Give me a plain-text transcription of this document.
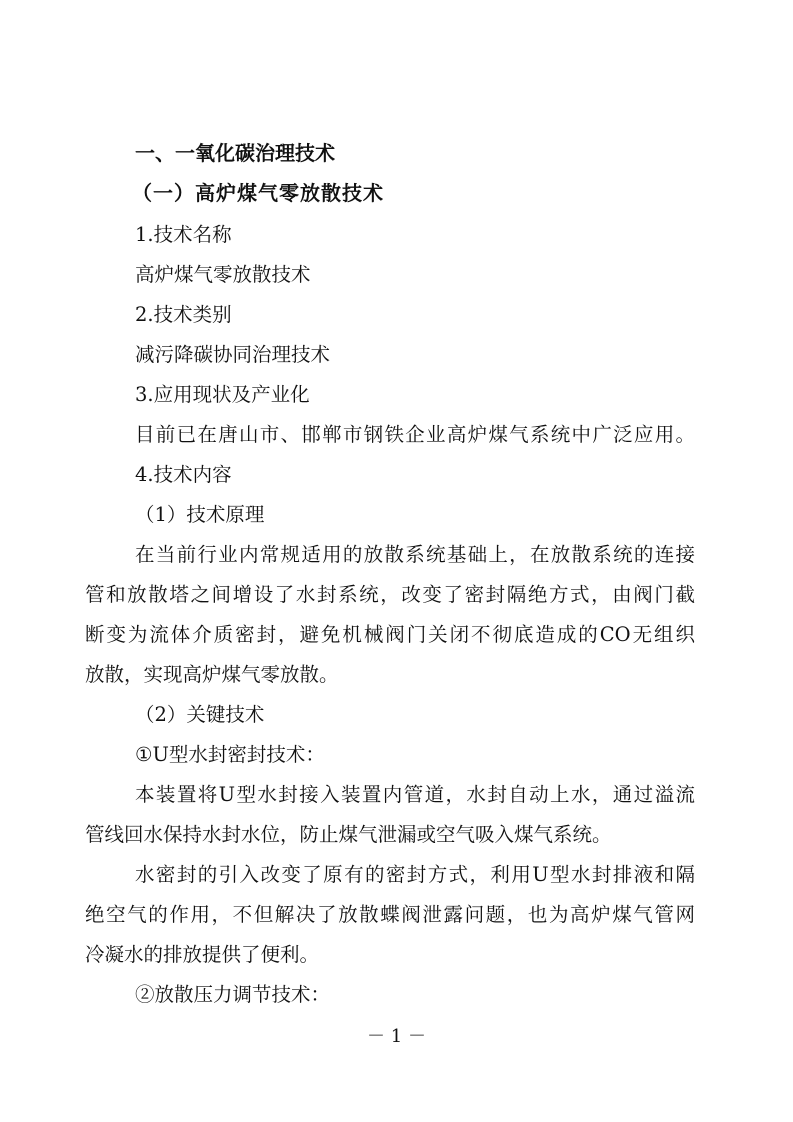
一、一氧化碳治理技术
（一）高炉煤气零放散技术

1.技术名称

高炉煤气零放散技术

2.技术类别

减污降碳协同治理技术

3.应用现状及产业化

目前已在唐山市、邯郸市钢铁企业高炉煤气系统中广泛应用。

4.技术内容

（1）技术原理

在当前行业内常规适用的放散系统基础上，在放散系统的连接

管和放散塔之间增设了水封系统，改变了密封隔绝方式，由阀门截

断变为流体介质密封，避免机械阀门关闭不彻底造成的CO无组织

放散，实现高炉煤气零放散。

（2）关键技术

①U型水封密封技术：

本装置将U型水封接入装置内管道，水封自动上水，通过溢流

管线回水保持水封水位，防止煤气泄漏或空气吸入煤气系统。

水密封的引入改变了原有的密封方式，利用U型水封排液和隔

绝空气的作用，不但解决了放散蝶阀泄露问题，也为高炉煤气管网

冷凝水的排放提供了便利。

②放散压力调节技术：

－ 1 －
